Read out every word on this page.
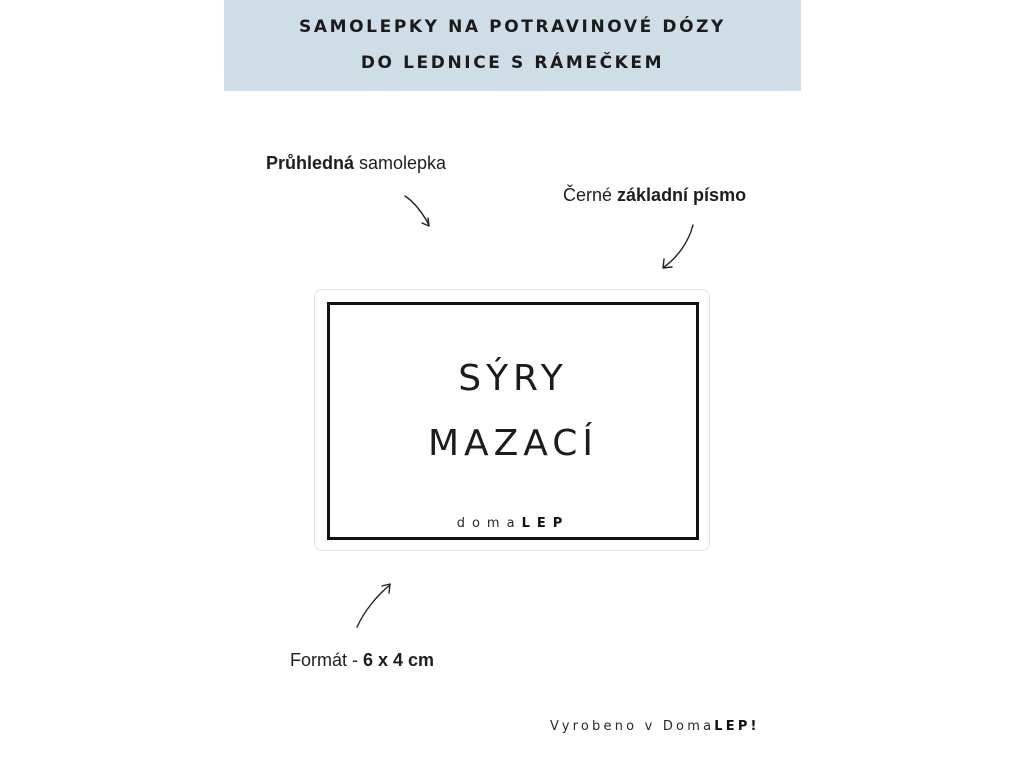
SAMOLEPKY NA POTRAVINOVÉ DÓZY
DO LEDNICE S RÁMEČKEM
Průhledná samolepka
Černé základní písmo
SÝRY
MAZACÍ
domaLEP
Formát - 6 x 4 cm
Vyrobeno v DomaLEP!
